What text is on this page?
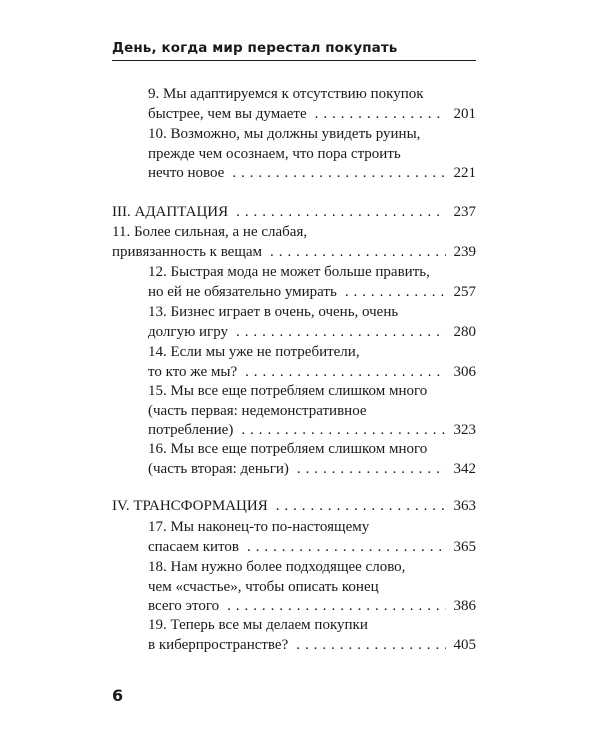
День, когда мир перестал покупать
9. Мы адаптируемся к отсутствию покупок
быстрее, чем вы думаете . . .	201
10. Возможно, мы должны увидеть руины,
прежде чем осознаем, что пора строить
нечто новое . . .	221
III. АДАПТАЦИЯ . . .	237
11. Более сильная, а не слабая,
привязанность к вещам . . .	239
12. Быстрая мода не может больше править,
но ей не обязательно умирать . . .	257
13. Бизнес играет в очень, очень, очень
долгую игру . . .	280
14. Если мы уже не потребители,
то кто же мы? . . .	306
15. Мы все еще потребляем слишком много
(часть первая: недемонстративное
потребление) . . .	323
16. Мы все еще потребляем слишком много
(часть вторая: деньги) . . .	342
IV. ТРАНСФОРМАЦИЯ . . .	363
17. Мы наконец-то по-настоящему
спасаем китов . . .	365
18. Нам нужно более подходящее слово,
чем «счастье», чтобы описать конец
всего этого . . .	386
19. Теперь все мы делаем покупки
в киберпространстве? . . .	405
6
